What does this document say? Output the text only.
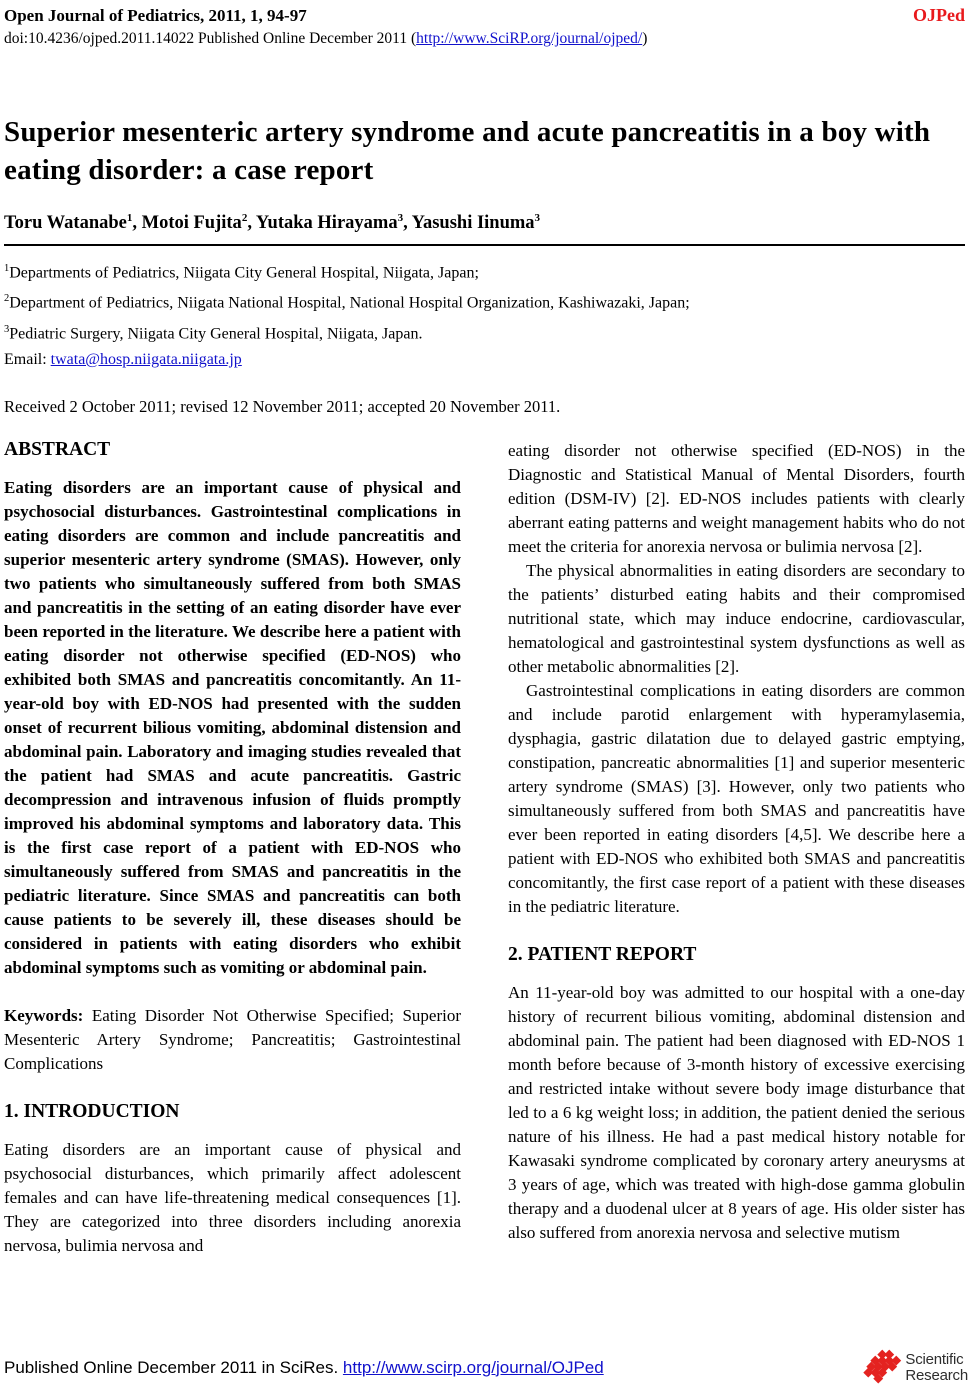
Open Journal of Pediatrics, 2011, 1, 94-97
doi:10.4236/ojped.2011.14022 Published Online December 2011 (http://www.SciRP.org/journal/ojped/)
OJPed
Superior mesenteric artery syndrome and acute pancreatitis in a boy with eating disorder: a case report
Toru Watanabe$^1$, Motoi Fujita$^2$, Yutaka Hirayama$^3$, Yasushi Iinuma$^3$
$^1$Departments of Pediatrics, Niigata City General Hospital, Niigata, Japan;
$^2$Department of Pediatrics, Niigata National Hospital, National Hospital Organization, Kashiwazaki, Japan;
$^3$Pediatric Surgery, Niigata City General Hospital, Niigata, Japan.
Email: twata@hosp.niigata.niigata.jp
Received 2 October 2011; revised 12 November 2011; accepted 20 November 2011.
ABSTRACT

Eating disorders are an important cause of physical and psychosocial disturbances. Gastrointestinal complications in eating disorders are common and include pancreatitis and superior mesenteric artery syndrome (SMAS). However, only two patients who simultaneously suffered from both SMAS and pancreatitis in the setting of an eating disorder have ever been reported in the literature. We describe here a patient with eating disorder not otherwise specified (ED-NOS) who exhibited both SMAS and pancreatitis concomitantly. An 11-year-old boy with ED-NOS had presented with the sudden onset of recurrent bilious vomiting, abdominal distension and abdominal pain. Laboratory and imaging studies revealed that the patient had SMAS and acute pancreatitis. Gastric decompression and intravenous infusion of fluids promptly improved his abdominal symptoms and laboratory data. This is the first case report of a patient with ED-NOS who simultaneously suffered from SMAS and pancreatitis in the pediatric literature. Since SMAS and pancreatitis can both cause patients to be severely ill, these diseases should be considered in patients with eating disorders who exhibit abdominal symptoms such as vomiting or abdominal pain.

Keywords: Eating Disorder Not Otherwise Specified; Superior Mesenteric Artery Syndrome; Pancreatitis; Gastrointestinal Complications

1. INTRODUCTION

Eating disorders are an important cause of physical and psychosocial disturbances, which primarily affect adolescent females and can have life-threatening medical consequences [1]. They are categorized into three disorders including anorexia nervosa, bulimia nervosa and

eating disorder not otherwise specified (ED-NOS) in the Diagnostic and Statistical Manual of Mental Disorders, fourth edition (DSM-IV) [2]. ED-NOS includes patients with clearly aberrant eating patterns and weight management habits who do not meet the criteria for anorexia nervosa or bulimia nervosa [2].

The physical abnormalities in eating disorders are secondary to the patients’ disturbed eating habits and their compromised nutritional state, which may induce endocrine, cardiovascular, hematological and gastrointestinal system dysfunctions as well as other metabolic abnormalities [2].

Gastrointestinal complications in eating disorders are common and include parotid enlargement with hyperamylasemia, dysphagia, gastric dilatation due to delayed gastric emptying, constipation, pancreatic abnormalities [1] and superior mesenteric artery syndrome (SMAS) [3]. However, only two patients who simultaneously suffered from both SMAS and pancreatitis have ever been reported in eating disorders [4,5]. We describe here a patient with ED-NOS who exhibited both SMAS and pancreatitis concomitantly, the first case report of a patient with these diseases in the pediatric literature.

2. PATIENT REPORT

An 11-year-old boy was admitted to our hospital with a one-day history of recurrent bilious vomiting, abdominal distension and abdominal pain. The patient had been diagnosed with ED-NOS 1 month before because of 3-month history of excessive exercising and restricted intake without severe body image disturbance that led to a 6 kg weight loss; in addition, the patient denied the serious nature of his illness. He had a past medical history notable for Kawasaki syndrome complicated by coronary artery aneurysms at 3 years of age, which was treated with high-dose gamma globulin therapy and a duodenal ulcer at 8 years of age. His older sister has also suffered from anorexia nervosa and selective mutism

Published Online December 2011 in SciRes. http://www.scirp.org/journal/OJPed	Scientific
Research
